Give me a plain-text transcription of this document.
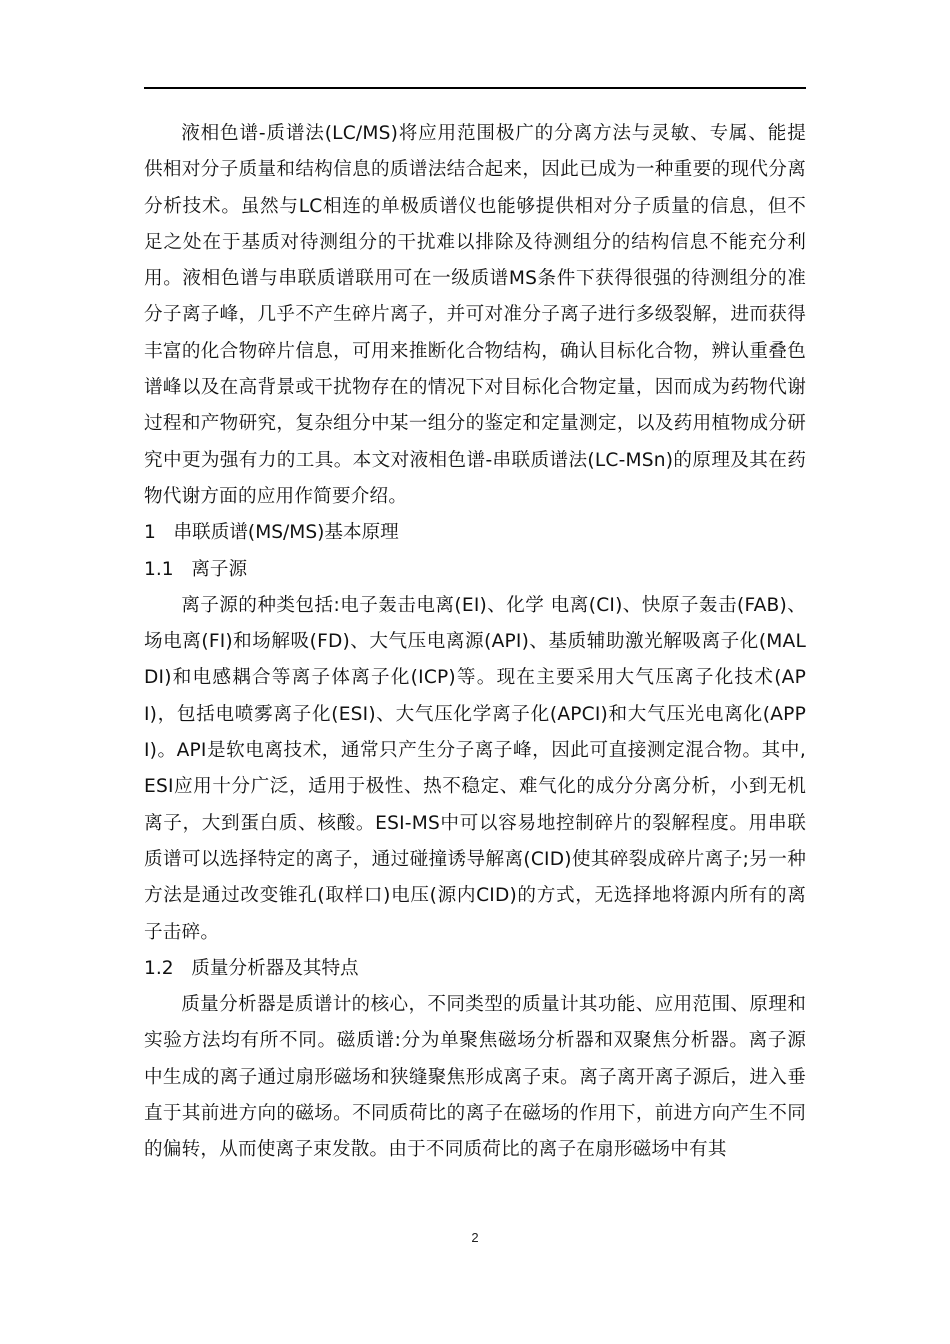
液相色谱-质谱法(LC/MS)将应用范围极广的分离方法与灵敏、专属、能提供相对分子质量和结构信息的质谱法结合起来，因此已成为一种重要的现代分离分析技术。虽然与LC相连的单极质谱仪也能够提供相对分子质量的信息，但不足之处在于基质对待测组分的干扰难以排除及待测组分的结构信息不能充分利用。液相色谱与串联质谱联用可在一级质谱MS条件下获得很强的待测组分的准分子离子峰，几乎不产生碎片离子，并可对准分子离子进行多级裂解，进而获得丰富的化合物碎片信息，可用来推断化合物结构，确认目标化合物，辨认重叠色谱峰以及在高背景或干扰物存在的情况下对目标化合物定量，因而成为药物代谢过程和产物研究，复杂组分中某一组分的鉴定和定量测定，以及药用植物成分研究中更为强有力的工具。本文对液相色谱-串联质谱法(LC-MSn)的原理及其在药物代谢方面的应用作简要介绍。

1   串联质谱(MS/MS)基本原理

1.1   离子源

离子源的种类包括:电子轰击电离(EI)、化学 电离(CI)、快原子轰击(FAB)、场电离(FI)和场解吸(FD)、大气压电离源(API)、基质辅助激光解吸离子化(MALDI)和电感耦合等离子体离子化(ICP)等。现在主要采用大气压离子化技术(API)，包括电喷雾离子化(ESI)、大气压化学离子化(APCI)和大气压光电离化(APPI)。API是软电离技术，通常只产生分子离子峰，因此可直接测定混合物。其中,ESI应用十分广泛，适用于极性、热不稳定、难气化的成分分离分析，小到无机离子，大到蛋白质、核酸。ESI-MS中可以容易地控制碎片的裂解程度。用串联质谱可以选择特定的离子，通过碰撞诱导解离(CID)使其碎裂成碎片离子;另一种方法是通过改变锥孔(取样口)电压(源内CID)的方式，无选择地将源内所有的离子击碎。

1.2   质量分析器及其特点

质量分析器是质谱计的核心，不同类型的质量计其功能、应用范围、原理和实验方法均有所不同。磁质谱:分为单聚焦磁场分析器和双聚焦分析器。离子源中生成的离子通过扇形磁场和狭缝聚焦形成离子束。离子离开离子源后，进入垂直于其前进方向的磁场。不同质荷比的离子在磁场的作用下，前进方向产生不同的偏转，从而使离子束发散。由于不同质荷比的离子在扇形磁场中有其

2
